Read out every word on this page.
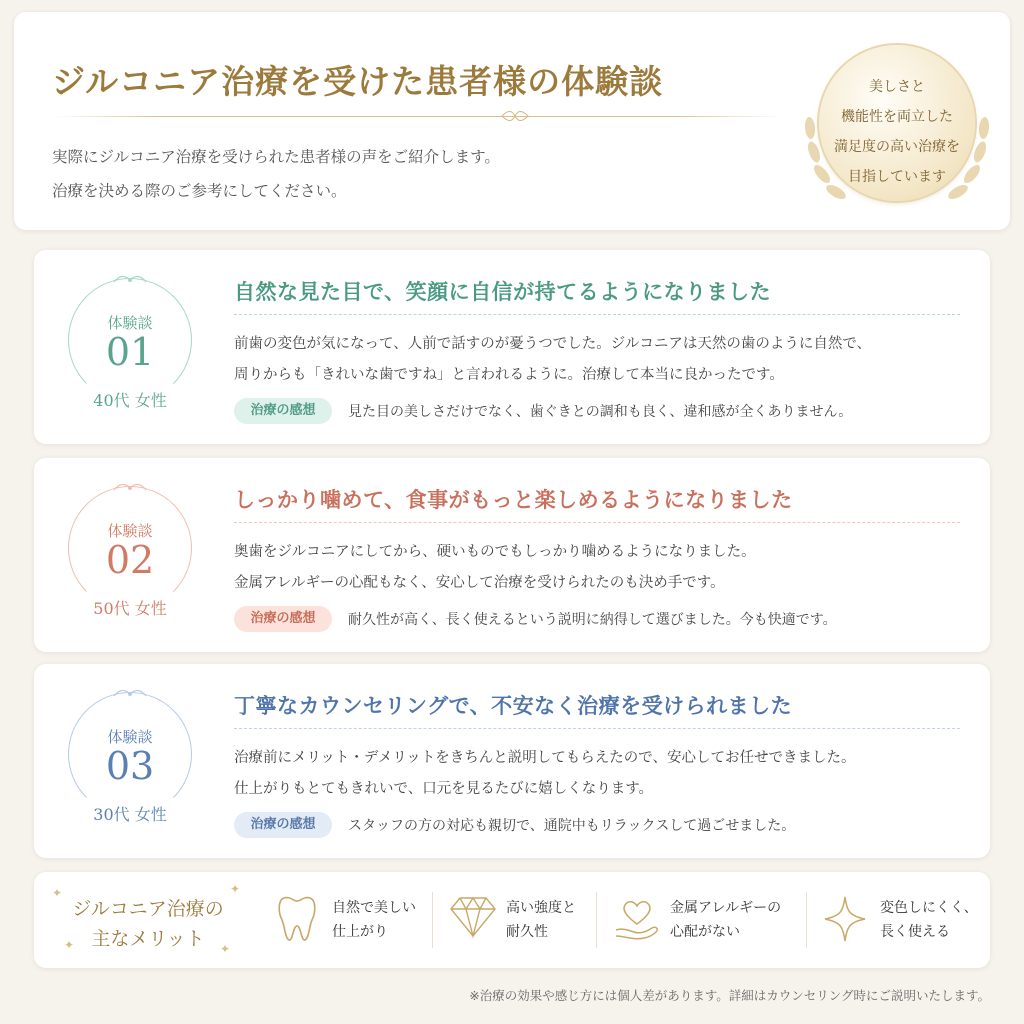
ジルコニア治療を受けた患者様の体験談

実際にジルコニア治療を受けられた患者様の声をご紹介します。

治療を決める際のご参考にしてください。

美しさと
機能性を両立した
満足度の高い治療を
目指しています
体験談
01
40代 女性
自然な見た目で、笑顔に自信が持てるようになりました

前歯の変色が気になって、人前で話すのが憂うつでした。ジルコニアは天然の歯のように自然で、

周りからも「きれいな歯ですね」と言われるように。治療して本当に良かったです。

治療の感想	見た目の美しさだけでなく、歯ぐきとの調和も良く、違和感が全くありません。

体験談
02
50代 女性
しっかり噛めて、食事がもっと楽しめるようになりました

奥歯をジルコニアにしてから、硬いものでもしっかり噛めるようになりました。

金属アレルギーの心配もなく、安心して治療を受けられたのも決め手です。

治療の感想	耐久性が高く、長く使えるという説明に納得して選びました。今も快適です。

体験談
03
30代 女性
丁寧なカウンセリングで、不安なく治療を受けられました

治療前にメリット・デメリットをきちんと説明してもらえたので、安心してお任せできました。

仕上がりもとてもきれいで、口元を見るたびに嬉しくなります。

治療の感想	スタッフの方の対応も親切で、通院中もリラックスして過ごせました。

✦	✦
✦	✦
ジルコニア治療の
主なメリット
自然で美しい
仕上がり
高い強度と
耐久性
金属アレルギーの
心配がない
変色しにくく、
長く使える

※治療の効果や感じ方には個人差があります。詳細はカウンセリング時にご説明いたします。
